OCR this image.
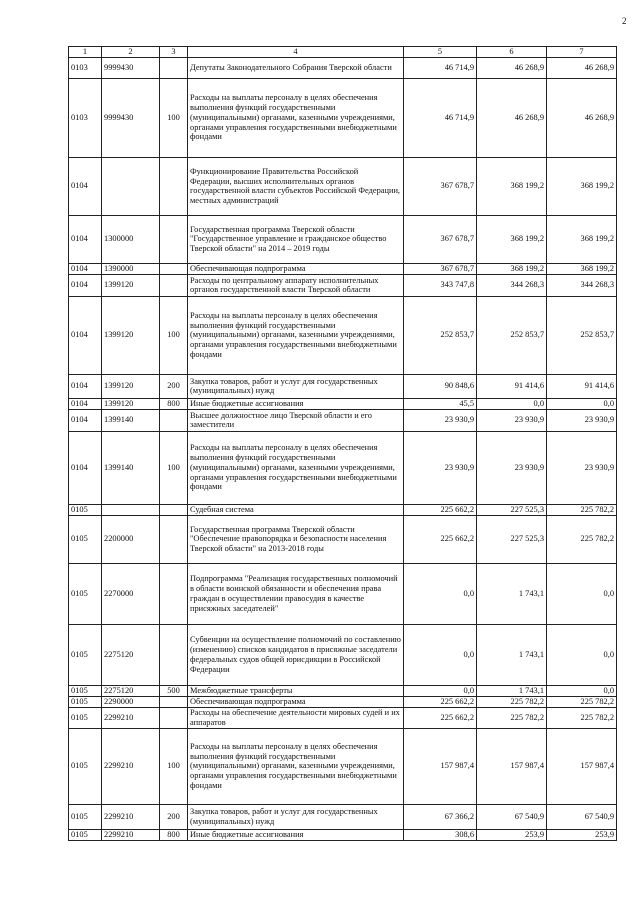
2
1	2	3	4	5	6	7
0103	9999430		Депутаты Законодательного Собрания Тверской области	46 714,9	46 268,9	46 268,9
0103	9999430	100	Расходы на выплаты персоналу в целях обеспечения выполнения функций государственными (муниципальными) органами, казенными учреждениями, органами управления государственными внебюджетными фондами	46 714,9	46 268,9	46 268,9
0104			Функционирование Правительства Российской Федерации, высших исполнительных органов государственной власти субъектов Российской Федерации, местных администраций	367 678,7	368 199,2	368 199,2
0104	1300000		Государственная программа Тверской области "Государственное управление и гражданское общество Тверской области" на 2014 – 2019 годы	367 678,7	368 199,2	368 199,2
0104	1390000		Обеспечивающая подпрограмма	367 678,7	368 199,2	368 199,2
0104	1399120		Расходы по центральному аппарату исполнительных органов государственной власти Тверской области	343 747,8	344 268,3	344 268,3
0104	1399120	100	Расходы на выплаты персоналу в целях обеспечения выполнения функций государственными (муниципальными) органами, казенными учреждениями, органами управления государственными внебюджетными фондами	252 853,7	252 853,7	252 853,7
0104	1399120	200	Закупка товаров, работ и услуг для государственных (муниципальных) нужд	90 848,6	91 414,6	91 414,6
0104	1399120	800	Иные бюджетные ассигнования	45,5	0,0	0,0
0104	1399140		Высшее должностное лицо Тверской области и его заместители	23 930,9	23 930,9	23 930,9
0104	1399140	100	Расходы на выплаты персоналу в целях обеспечения выполнения функций государственными (муниципальными) органами, казенными учреждениями, органами управления государственными внебюджетными фондами	23 930,9	23 930,9	23 930,9
0105			Судебная система	225 662,2	227 525,3	225 782,2
0105	2200000		Государственная программа Тверской области "Обеспечение правопорядка и безопасности населения Тверской области" на 2013-2018 годы	225 662,2	227 525,3	225 782,2
0105	2270000		Подпрограмма "Реализация государственных полномочий в области воинской обязанности и обеспечения права граждан в осуществлении правосудия в качестве присяжных заседателей"	0,0	1 743,1	0,0
0105	2275120		Субвенции на осуществление полномочий по составлению (изменению) списков кандидатов в присяжные заседатели федеральных судов общей юрисдикции в Российской Федерации	0,0	1 743,1	0,0
0105	2275120	500	Межбюджетные трансферты	0,0	1 743,1	0,0
0105	2290000		Обеспечивающая подпрограмма	225 662,2	225 782,2	225 782,2
0105	2299210		Расходы на обеспечение деятельности мировых судей и их аппаратов	225 662,2	225 782,2	225 782,2
0105	2299210	100	Расходы на выплаты персоналу в целях обеспечения выполнения функций государственными (муниципальными) органами, казенными учреждениями, органами управления государственными внебюджетными фондами	157 987,4	157 987,4	157 987,4
0105	2299210	200	Закупка товаров, работ и услуг для государственных (муниципальных) нужд	67 366,2	67 540,9	67 540,9
0105	2299210	800	Иные бюджетные ассигнования	308,6	253,9	253,9
